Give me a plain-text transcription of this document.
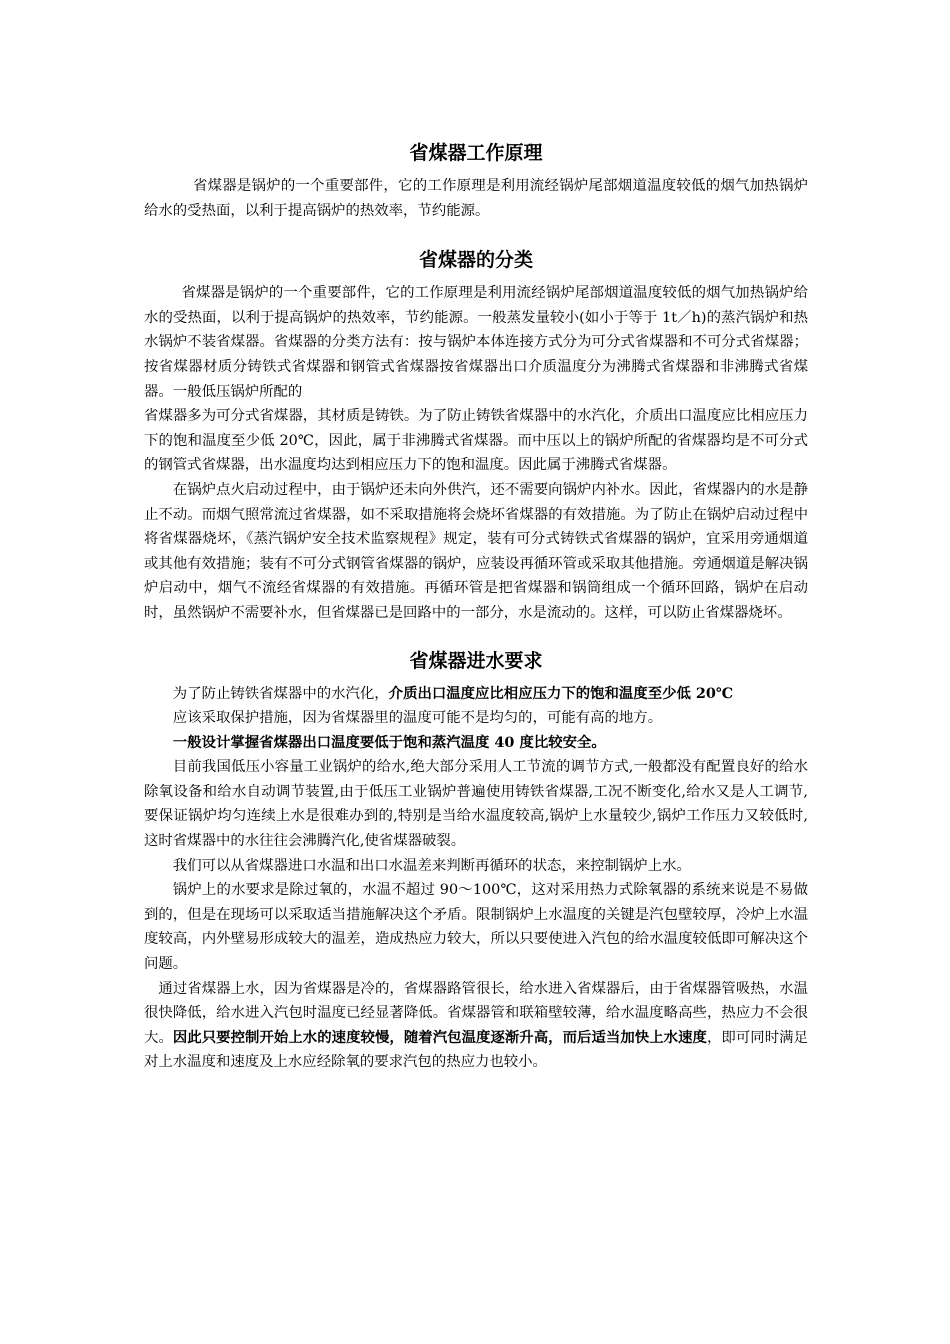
省煤器工作原理

省煤器是锅炉的一个重要部件，它的工作原理是利用流经锅炉尾部烟道温度较低的烟气加热锅炉给水的受热面，以利于提高锅炉的热效率，节约能源。

省煤器的分类

省煤器是锅炉的一个重要部件，它的工作原理是利用流经锅炉尾部烟道温度较低的烟气加热锅炉给水的受热面，以利于提高锅炉的热效率，节约能源。一般蒸发量较小(如小于等于 1t／h)的蒸汽锅炉和热水锅炉不装省煤器。省煤器的分类方法有：按与锅炉本体连接方式分为可分式省煤器和不可分式省煤器；按省煤器材质分铸铁式省煤器和钢管式省煤器按省煤器出口介质温度分为沸腾式省煤器和非沸腾式省煤器。一般低压锅炉所配的

省煤器多为可分式省煤器，其材质是铸铁。为了防止铸铁省煤器中的水汽化，介质出口温度应比相应压力下的饱和温度至少低 20℃，因此，属于非沸腾式省煤器。而中压以上的锅炉所配的省煤器均是不可分式的钢管式省煤器，出水温度均达到相应压力下的饱和温度。因此属于沸腾式省煤器。

在锅炉点火启动过程中，由于锅炉还未向外供汽，还不需要向锅炉内补水。因此，省煤器内的水是静止不动。而烟气照常流过省煤器，如不采取措施将会烧坏省煤器的有效措施。为了防止在锅炉启动过程中将省煤器烧坏，《蒸汽锅炉安全技术监察规程》规定，装有可分式铸铁式省煤器的锅炉，宜采用旁通烟道或其他有效措施；装有不可分式钢管省煤器的锅炉，应装设再循环管或采取其他措施。旁通烟道是解决锅炉启动中，烟气不流经省煤器的有效措施。再循环管是把省煤器和锅筒组成一个循环回路，锅炉在启动时，虽然锅炉不需要补水，但省煤器已是回路中的一部分，水是流动的。这样，可以防止省煤器烧坏。

省煤器进水要求

为了防止铸铁省煤器中的水汽化，介质出口温度应比相应压力下的饱和温度至少低 20℃

应该采取保护措施，因为省煤器里的温度可能不是均匀的，可能有高的地方。

一般设计掌握省煤器出口温度要低于饱和蒸汽温度 40 度比较安全。

目前我国低压小容量工业锅炉的给水,绝大部分采用人工节流的调节方式,一般都没有配置良好的给水除氧设备和给水自动调节装置,由于低压工业锅炉普遍使用铸铁省煤器,工况不断变化,给水又是人工调节,要保证锅炉均匀连续上水是很难办到的,特别是当给水温度较高,锅炉上水量较少,锅炉工作压力又较低时,这时省煤器中的水往往会沸腾汽化,使省煤器破裂。

我们可以从省煤器进口水温和出口水温差来判断再循环的状态，来控制锅炉上水。

锅炉上的水要求是除过氧的，水温不超过 90～100℃，这对采用热力式除氧器的系统来说是不易做到的，但是在现场可以采取适当措施解决这个矛盾。限制锅炉上水温度的关键是汽包壁较厚，冷炉上水温度较高，内外壁易形成较大的温差，造成热应力较大，所以只要使进入汽包的给水温度较低即可解决这个问题。

通过省煤器上水，因为省煤器是冷的，省煤器路管很长，给水进入省煤器后，由于省煤器管吸热，水温很快降低，给水进入汽包时温度已经显著降低。省煤器管和联箱壁较薄，给水温度略高些，热应力不会很大。因此只要控制开始上水的速度较慢，随着汽包温度逐渐升高，而后适当加快上水速度，即可同时满足对上水温度和速度及上水应经除氧的要求汽包的热应力也较小。
